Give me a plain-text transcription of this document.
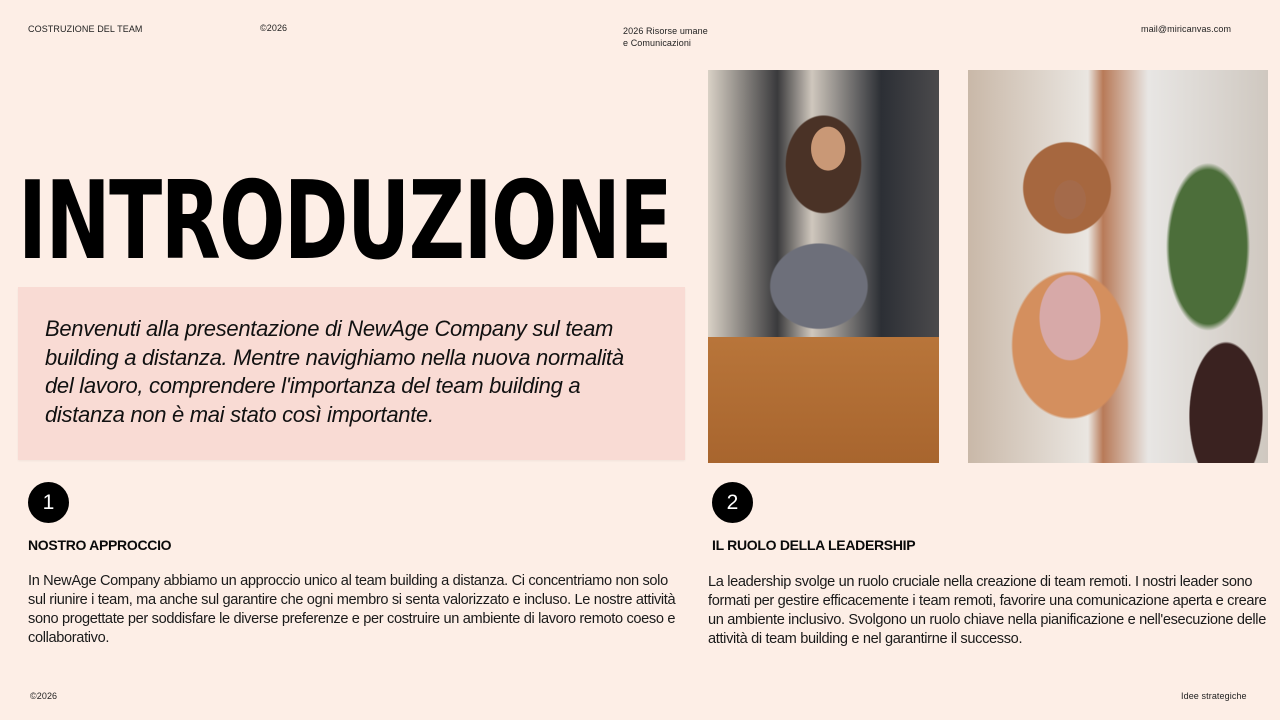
COSTRUZIONE DEL TEAM	©2026	2026 Risorse umane
e Comunicazioni
mail@miricanvas.com
INTRODUZIONE

Benvenuti alla presentazione di NewAge Company sul team building a distanza. Mentre navighiamo nella nuova normalità del lavoro, comprendere l'importanza del team building a distanza non è mai stato così importante.

1
NOSTRO APPROCCIO

In NewAge Company abbiamo un approccio unico al team building a distanza. Ci concentriamo non solo sul riunire i team, ma anche sul garantire che ogni membro si senta valorizzato e incluso. Le nostre attività sono progettate per soddisfare le diverse preferenze e per costruire un ambiente di lavoro remoto coeso e collaborativo.

2
IL RUOLO DELLA LEADERSHIP

La leadership svolge un ruolo cruciale nella creazione di team remoti. I nostri leader sono formati per gestire efficacemente i team remoti, favorire una comunicazione aperta e creare un ambiente inclusivo. Svolgono un ruolo chiave nella pianificazione e nell'esecuzione delle attività di team building e nel garantirne il successo.

©2026	Idee strategiche
